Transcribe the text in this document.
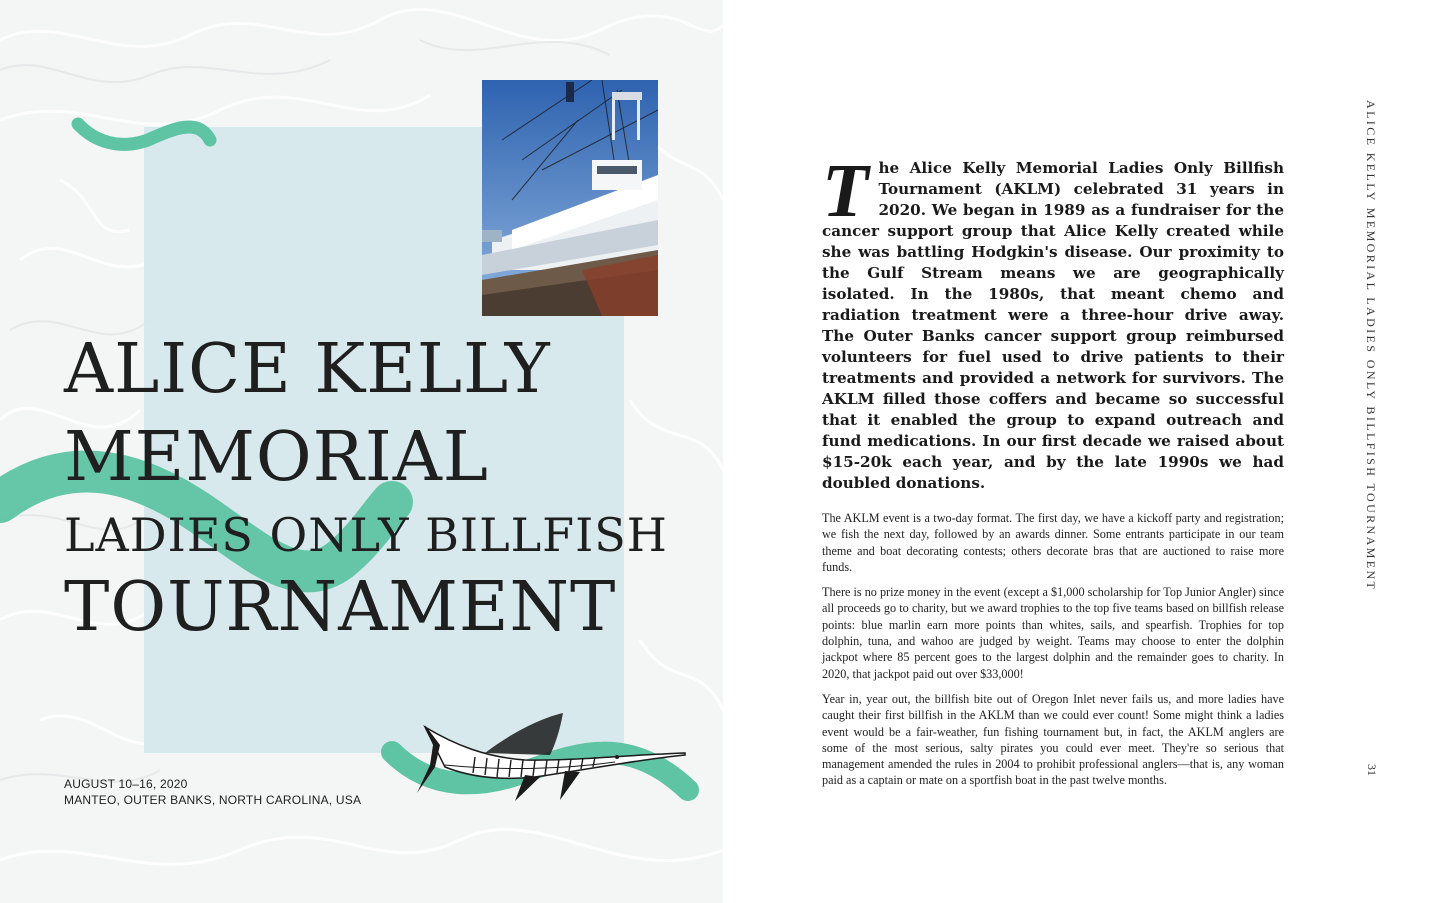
ALICE KELLY
MEMORIAL
LADIES ONLY BILLFISH
TOURNAMENT
AUGUST 10–16, 2020
MANTEO, OUTER BANKS, NORTH CAROLINA, USA

T he Alice Kelly Memorial Ladies Only Billfish Tournament (AKLM) celebrated 31 years in 2020. We began in 1989 as a fundraiser for the cancer support group that Alice Kelly created while she was battling Hodgkin's disease. Our proximity to the Gulf Stream means we are geographically isolated. In the 1980s, that meant chemo and radiation treatment were a three-hour drive away. The Outer Banks cancer support group reimbursed volunteers for fuel used to drive patients to their treatments and provided a network for survivors. The AKLM filled those coffers and became so successful that it enabled the group to expand outreach and fund medications. In our first decade we raised about $15-20k each year, and by the late 1990s we had doubled donations.

The AKLM event is a two-day format. The first day, we have a kickoff party and registration; we fish the next day, followed by an awards dinner. Some entrants participate in our team theme and boat decorating contests; others decorate bras that are auctioned to raise more funds.

There is no prize money in the event (except a $1,000 scholarship for Top Junior Angler) since all proceeds go to charity, but we award trophies to the top five teams based on billfish release points: blue marlin earn more points than whites, sails, and spearfish. Trophies for top dolphin, tuna, and wahoo are judged by weight. Teams may choose to enter the dolphin jackpot where 85 percent goes to the largest dolphin and the remainder goes to charity. In 2020, that jackpot paid out over $33,000!

Year in, year out, the billfish bite out of Oregon Inlet never fails us, and more ladies have caught their first billfish in the AKLM than we could ever count! Some might think a ladies event would be a fair-weather, fun fishing tournament but, in fact, the AKLM anglers are some of the most serious, salty pirates you could ever meet. They're so serious that management amended the rules in 2004 to prohibit professional anglers—that is, any woman paid as a captain or mate on a sportfish boat in the past twelve months.

ALICE KELLY MEMORIAL LADIES ONLY BILLFISH TOURNAMENT
31
